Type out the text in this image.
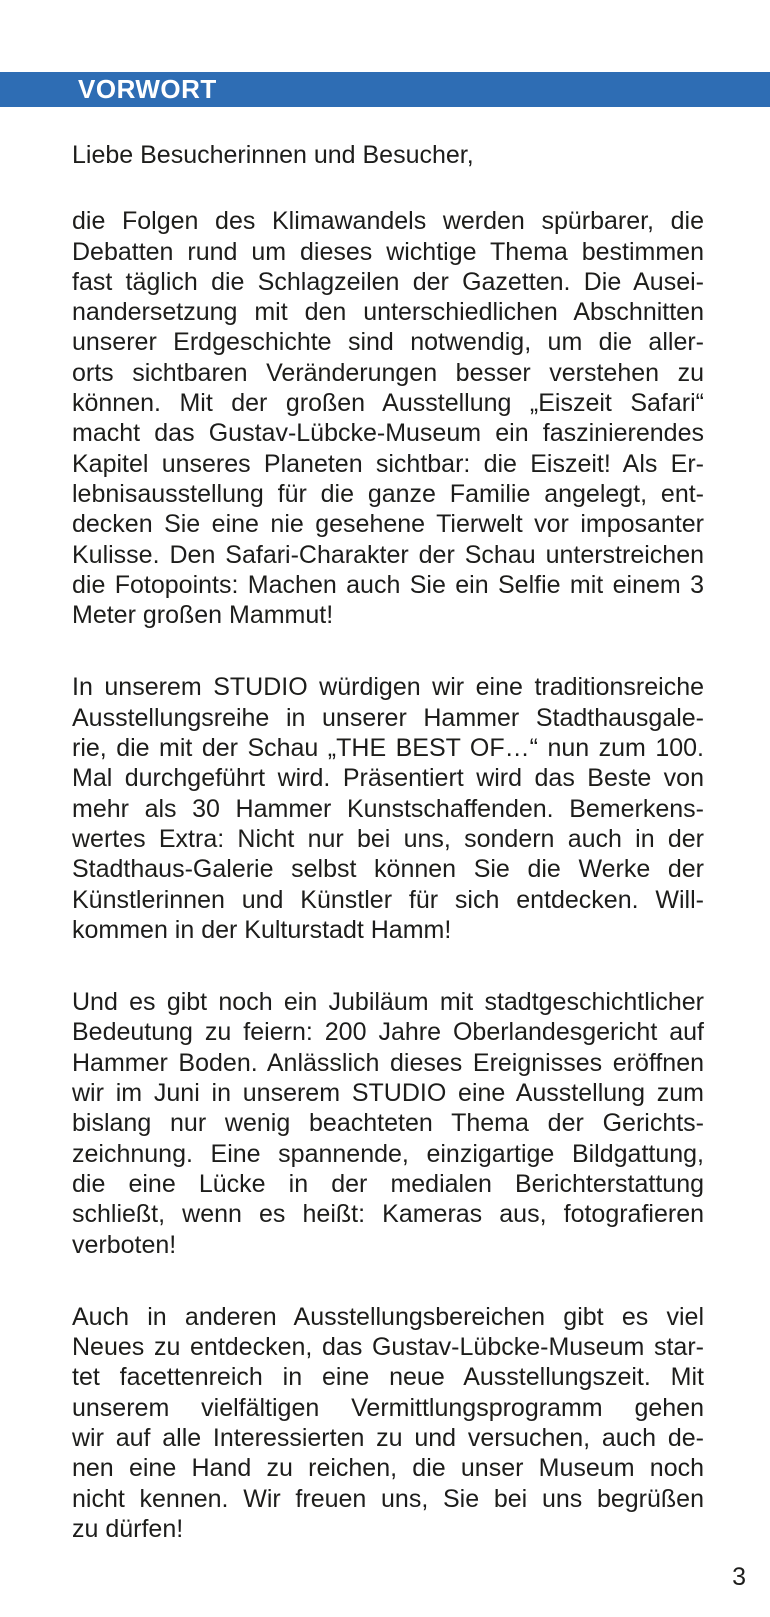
VORWORT

Liebe Besucherinnen und Besucher,

die Folgen des Klimawandels werden spürbarer, die
Debatten rund um dieses wichtige Thema bestimmen
fast täglich die Schlagzeilen der Gazetten. Die Ausei-
nandersetzung mit den unterschiedlichen Abschnitten
unserer Erdgeschichte sind notwendig, um die aller-
orts sichtbaren Veränderungen besser verstehen zu
können. Mit der großen Ausstellung „Eiszeit Safari“
macht das Gustav-Lübcke-Museum ein faszinierendes
Kapitel unseres Planeten sichtbar: die Eiszeit! Als Er-
lebnisausstellung für die ganze Familie angelegt, ent-
decken Sie eine nie gesehene Tierwelt vor imposanter
Kulisse. Den Safari-Charakter der Schau unterstreichen
die Fotopoints: Machen auch Sie ein Selfie mit einem 3
Meter großen Mammut!
In unserem STUDIO würdigen wir eine traditionsreiche
Ausstellungsreihe in unserer Hammer Stadthausgale-
rie, die mit der Schau „THE BEST OF…“ nun zum 100.
Mal durchgeführt wird. Präsentiert wird das Beste von
mehr als 30 Hammer Kunstschaffenden. Bemerkens-
wertes Extra: Nicht nur bei uns, sondern auch in der
Stadthaus-Galerie selbst können Sie die Werke der
Künstlerinnen und Künstler für sich entdecken. Will-
kommen in der Kulturstadt Hamm!
Und es gibt noch ein Jubiläum mit stadtgeschichtlicher
Bedeutung zu feiern: 200 Jahre Oberlandesgericht auf
Hammer Boden. Anlässlich dieses Ereignisses eröffnen
wir im Juni in unserem STUDIO eine Ausstellung zum
bislang nur wenig beachteten Thema der Gerichts-
zeichnung. Eine spannende, einzigartige Bildgattung,
die eine Lücke in der medialen Berichterstattung
schließt, wenn es heißt: Kameras aus, fotografieren
verboten!
Auch in anderen Ausstellungsbereichen gibt es viel
Neues zu entdecken, das Gustav-Lübcke-Museum star-
tet facettenreich in eine neue Ausstellungszeit. Mit
unserem vielfältigen Vermittlungsprogramm gehen
wir auf alle Interessierten zu und versuchen, auch de-
nen eine Hand zu reichen, die unser Museum noch
nicht kennen. Wir freuen uns, Sie bei uns begrüßen
zu dürfen!
3
